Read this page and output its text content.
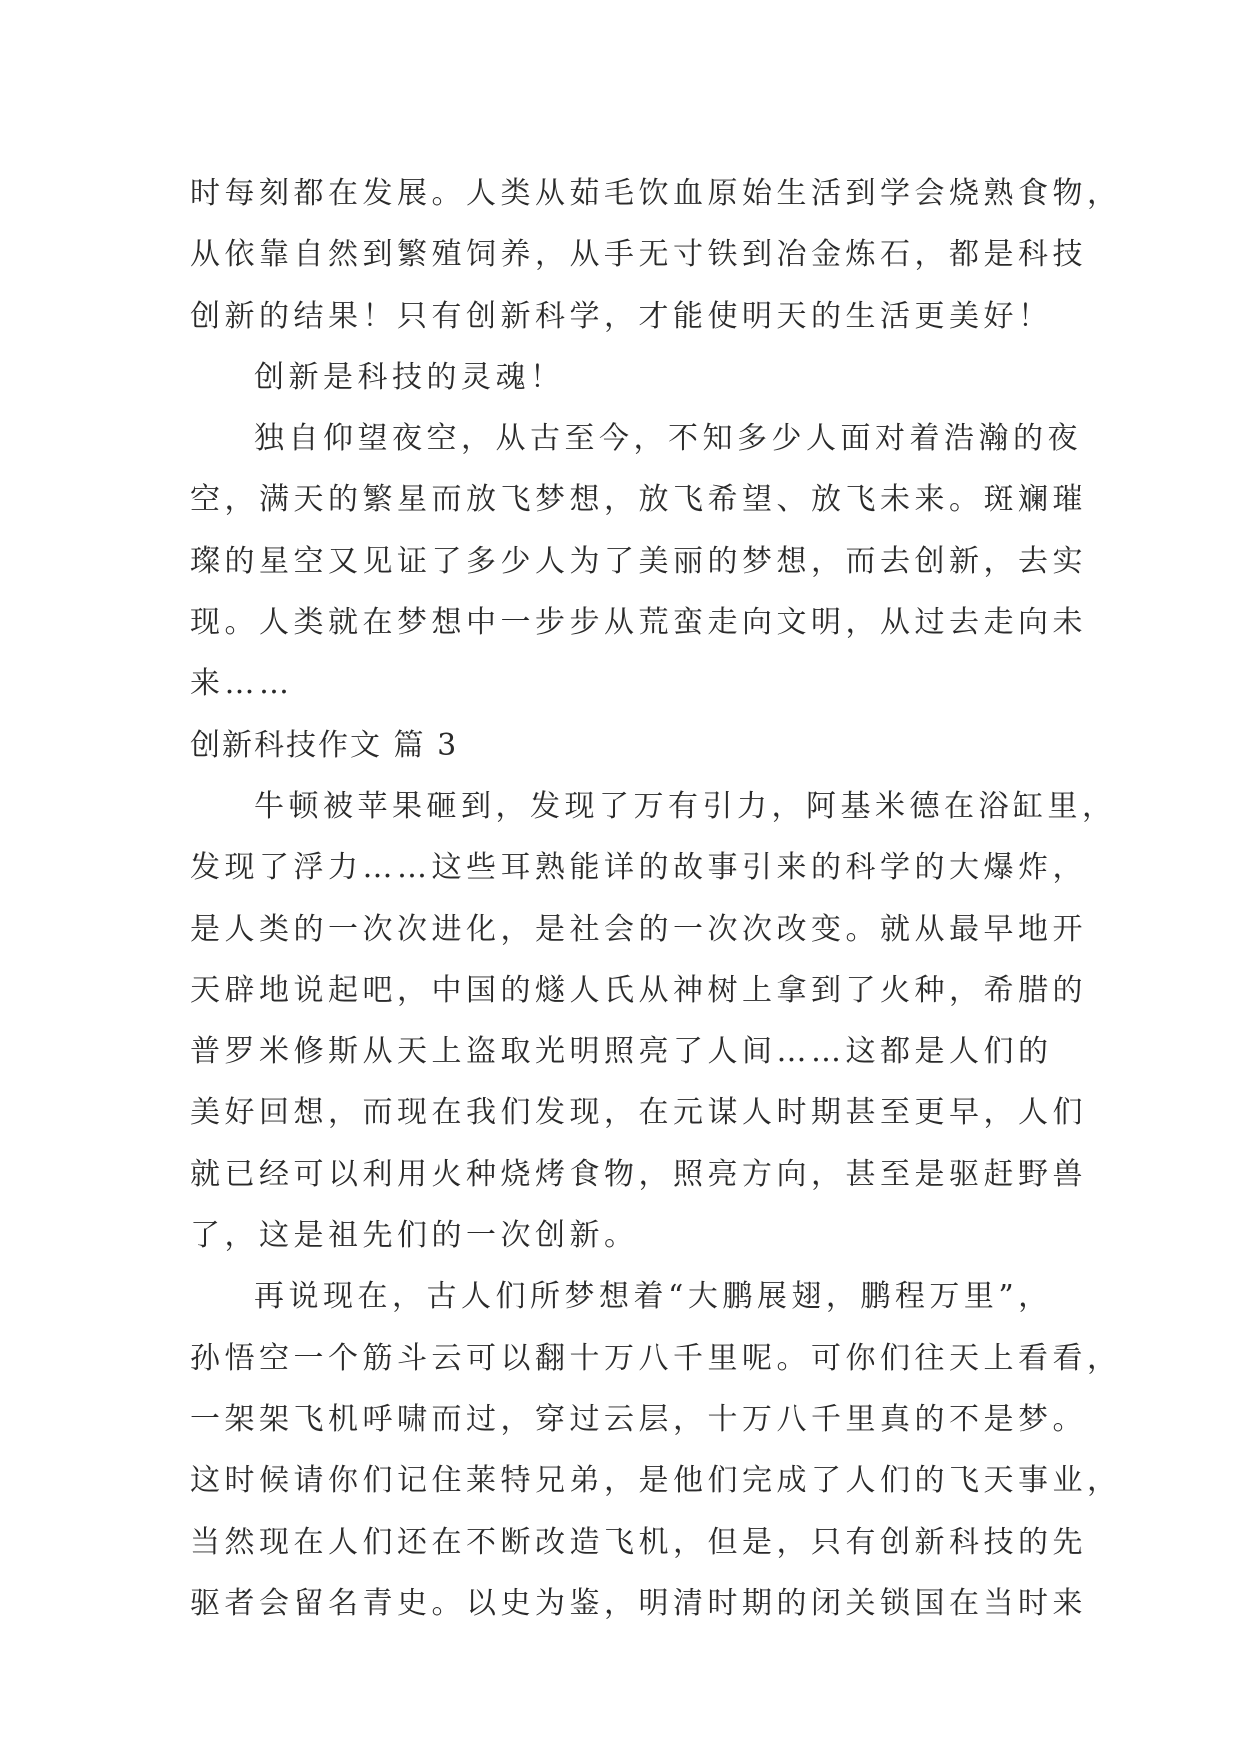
时每刻都在发展。人类从茹毛饮血原始生活到学会烧熟食物，
从依靠自然到繁殖饲养，从手无寸铁到冶金炼石，都是科技
创新的结果！只有创新科学，才能使明天的生活更美好！
创新是科技的灵魂！
独自仰望夜空，从古至今，不知多少人面对着浩瀚的夜
空，满天的繁星而放飞梦想，放飞希望、放飞未来。斑斓璀
璨的星空又见证了多少人为了美丽的梦想，而去创新，去实
现。人类就在梦想中一步步从荒蛮走向文明，从过去走向未
来……
创新科技作文 篇 3
牛顿被苹果砸到，发现了万有引力，阿基米德在浴缸里，
发现了浮力……这些耳熟能详的故事引来的科学的大爆炸，
是人类的一次次进化，是社会的一次次改变。就从最早地开
天辟地说起吧，中国的燧人氏从神树上拿到了火种，希腊的
普罗米修斯从天上盗取光明照亮了人间……这都是人们的
美好回想，而现在我们发现，在元谋人时期甚至更早，人们
就已经可以利用火种烧烤食物，照亮方向，甚至是驱赶野兽
了，这是祖先们的一次创新。
再说现在，古人们所梦想着“大鹏展翅，鹏程万里”，
孙悟空一个筋斗云可以翻十万八千里呢。可你们往天上看看，
一架架飞机呼啸而过，穿过云层，十万八千里真的不是梦。
这时候请你们记住莱特兄弟，是他们完成了人们的飞天事业，
当然现在人们还在不断改造飞机，但是，只有创新科技的先
驱者会留名青史。以史为鉴，明清时期的闭关锁国在当时来
